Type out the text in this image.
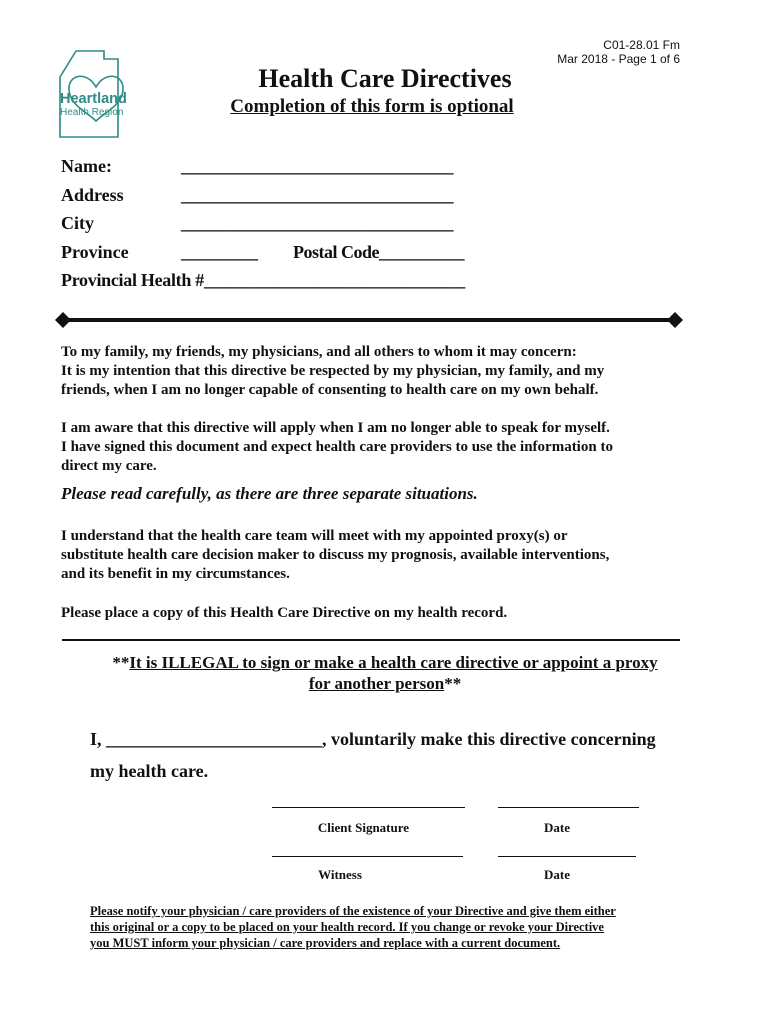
C01-28.01 Fm
Mar 2018 - Page 1 of 6
Heartland
Health Region
Health Care Directives
Completion of this form is optional
Name:	________________________________
Address	________________________________
City	________________________________
Province	_________ Postal Code__________
Provincial Health #______________________________
To my family, my friends, my physicians, and all others to whom it may concern:
It is my intention that this directive be respected by my physician, my family, and my
friends, when I am no longer capable of consenting to health care on my own behalf.
I am aware that this directive will apply when I am no longer able to speak for myself.
I have signed this document and expect health care providers to use the information to
direct my care.
Please read carefully, as there are three separate situations.
I understand that the health care team will meet with my appointed proxy(s) or
substitute health care decision maker to discuss my prognosis, available interventions,
and its benefit in my circumstances.
Please place a copy of this Health Care Directive on my health record.
**It is ILLEGAL to sign or make a health care directive or appoint a proxy
for another person**
I, ________________________, voluntarily make this directive concerning
my health care.
Client Signature	Date
Witness	Date
Please notify your physician / care providers of the existence of your Directive and give them either
this original or a copy to be placed on your health record. If you change or revoke your Directive
you MUST inform your physician / care providers and replace with a current document.
